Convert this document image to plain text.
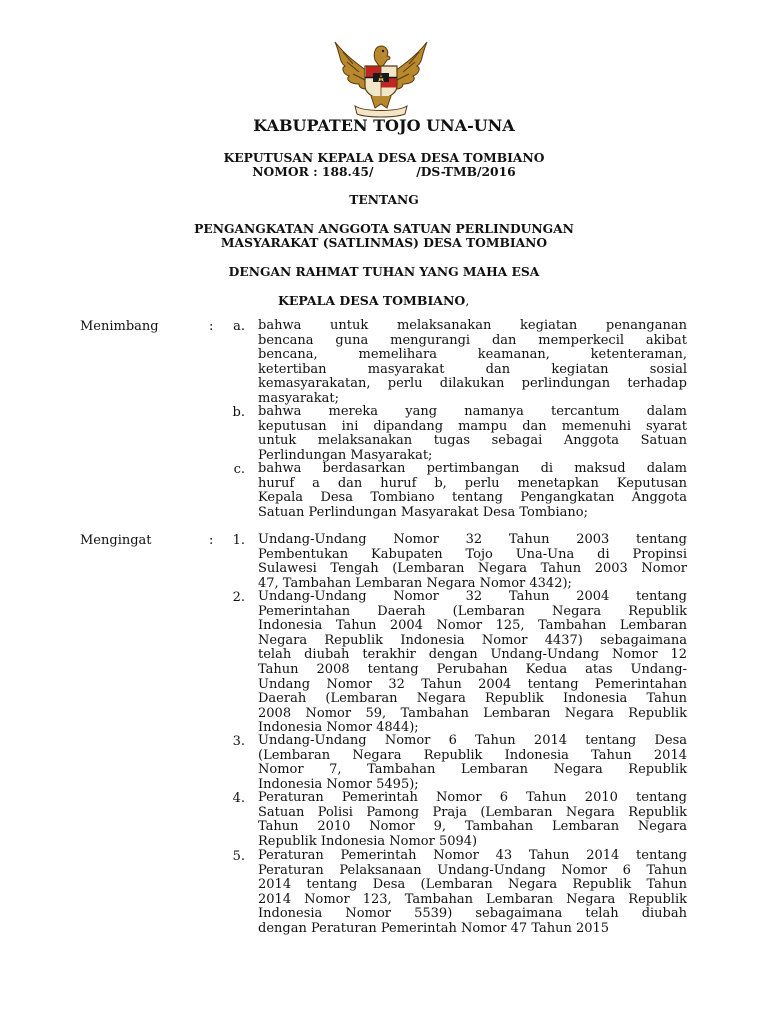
KABUPATEN TOJO UNA-UNA
KEPUTUSAN KEPALA DESA DESA TOMBIANO
NOMOR : 188.45/          /DS-TMB/2016
TENTANG
PENGANGKATAN ANGGOTA SATUAN PERLINDUNGAN
MASYARAKAT (SATLINMAS) DESA TOMBIANO
DENGAN RAHMAT TUHAN YANG MAHA ESA
KEPALA DESA TOMBIANO,
Menimbang	:	a. bahwa untuk melaksanakan kegiatan penanganan
bencana guna mengurangi dan memperkecil akibat
bencana, memelihara keamanan, ketenteraman,
ketertiban masyarakat dan kegiatan sosial
kemasyarakatan, perlu dilakukan perlindungan terhadap
masyarakat;
b. bahwa mereka yang namanya tercantum dalam
keputusan ini dipandang mampu dan memenuhi syarat
untuk melaksanakan tugas sebagai Anggota Satuan
Perlindungan Masyarakat;
c. bahwa berdasarkan pertimbangan di maksud dalam
huruf a dan huruf b, perlu menetapkan Keputusan
Kepala Desa Tombiano tentang Pengangkatan Anggota
Satuan Perlindungan Masyarakat Desa Tombiano;
Mengingat	:	1. Undang-Undang Nomor 32 Tahun 2003 tentang
Pembentukan Kabupaten Tojo Una-Una di Propinsi
Sulawesi Tengah (Lembaran Negara Tahun 2003 Nomor
47, Tambahan Lembaran Negara Nomor 4342);
2. Undang-Undang Nomor 32 Tahun 2004 tentang
Pemerintahan Daerah (Lembaran Negara Republik
Indonesia Tahun 2004 Nomor 125, Tambahan Lembaran
Negara Republik Indonesia Nomor 4437) sebagaimana
telah diubah terakhir dengan Undang-Undang Nomor 12
Tahun 2008 tentang Perubahan Kedua atas Undang-
Undang Nomor 32 Tahun 2004 tentang Pemerintahan
Daerah (Lembaran Negara Republik Indonesia Tahun
2008 Nomor 59, Tambahan Lembaran Negara Republik
Indonesia Nomor 4844);
3. Undang-Undang Nomor 6 Tahun 2014 tentang Desa
(Lembaran Negara Republik Indonesia Tahun 2014
Nomor 7, Tambahan Lembaran Negara Republik
Indonesia Nomor 5495);
4. Peraturan Pemerintah Nomor 6 Tahun 2010 tentang
Satuan Polisi Pamong Praja (Lembaran Negara Republik
Tahun 2010 Nomor 9, Tambahan Lembaran Negara
Republik Indonesia Nomor 5094)
5. Peraturan Pemerintah Nomor 43 Tahun 2014 tentang
Peraturan Pelaksanaan Undang-Undang Nomor 6 Tahun
2014 tentang Desa (Lembaran Negara Republik Tahun
2014 Nomor 123, Tambahan Lembaran Negara Republik
Indonesia Nomor 5539) sebagaimana telah diubah
dengan Peraturan Pemerintah Nomor 47 Tahun 2015
